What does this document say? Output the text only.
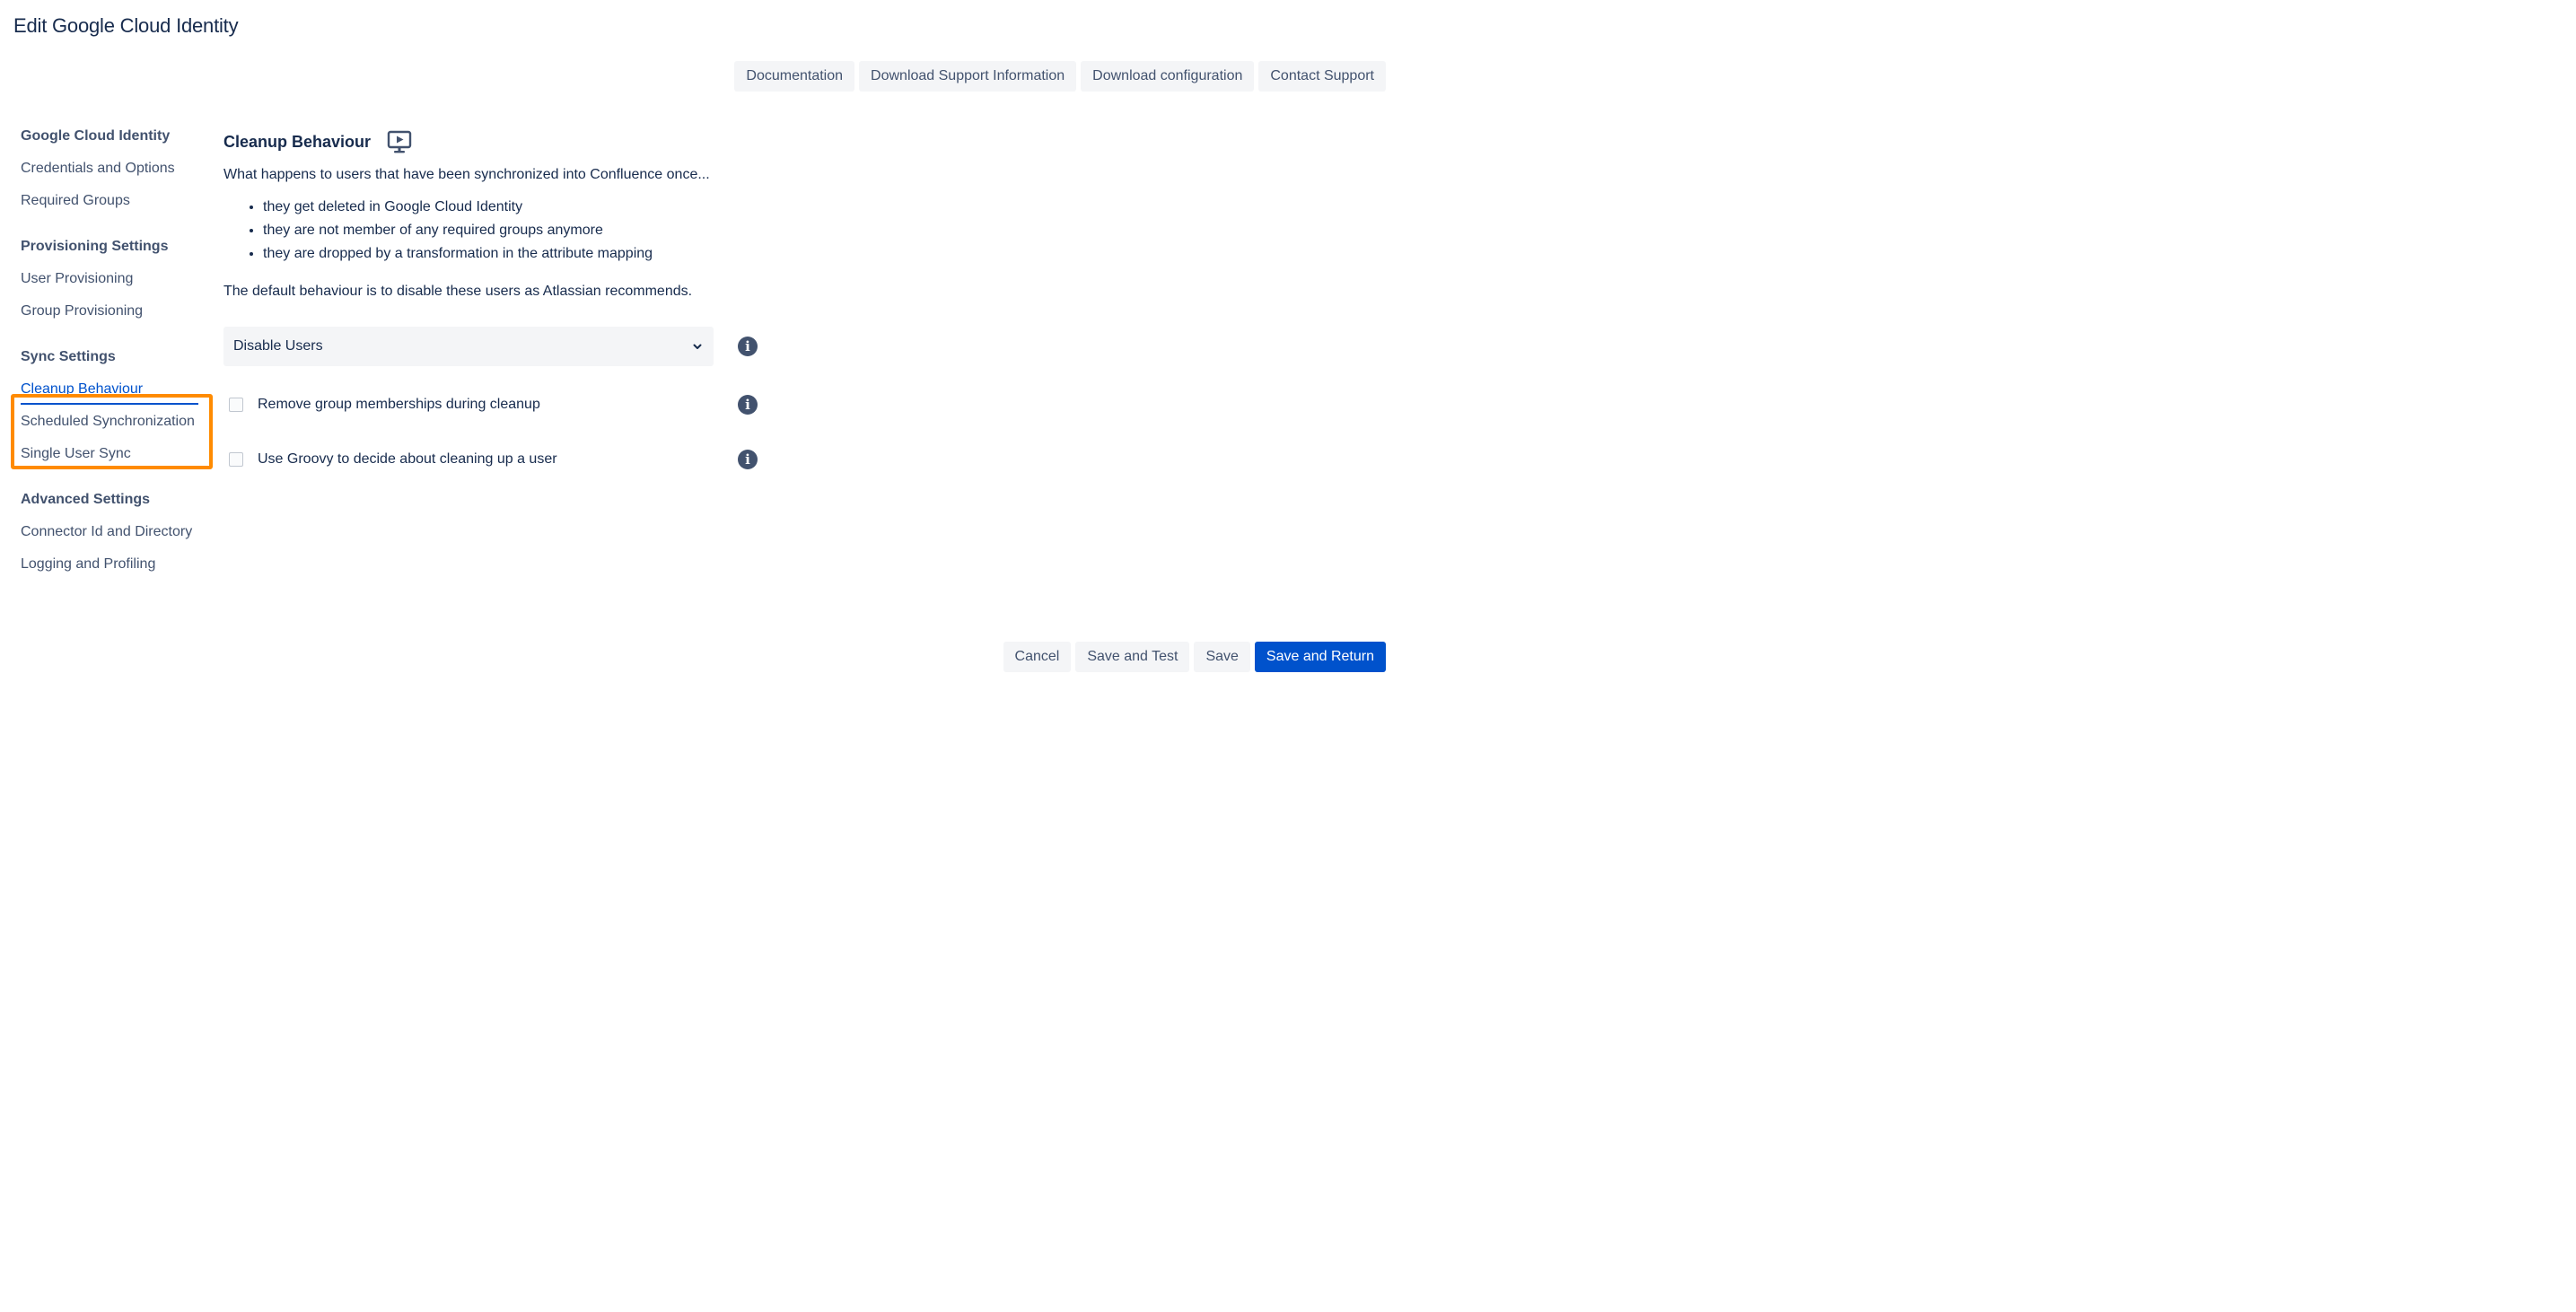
Edit Google Cloud Identity
Documentation	Download Support Information	Download configuration	Contact Support
Google Cloud Identity
Credentials and Options
Required Groups
Provisioning Settings
User Provisioning
Group Provisioning
Sync Settings
Cleanup Behaviour
Scheduled Synchronization
Single User Sync
Advanced Settings
Connector Id and Directory
Logging and Profiling
Cleanup Behaviour
What happens to users that have been synchronized into Confluence once...
• they get deleted in Google Cloud Identity
• they are not member of any required groups anymore
• they are dropped by a transformation in the attribute mapping
The default behaviour is to disable these users as Atlassian recommends.
Disable Users	i
Remove group memberships during cleanup	i
Use Groovy to decide about cleaning up a user	i
Cancel	Save and Test	Save	Save and Return
